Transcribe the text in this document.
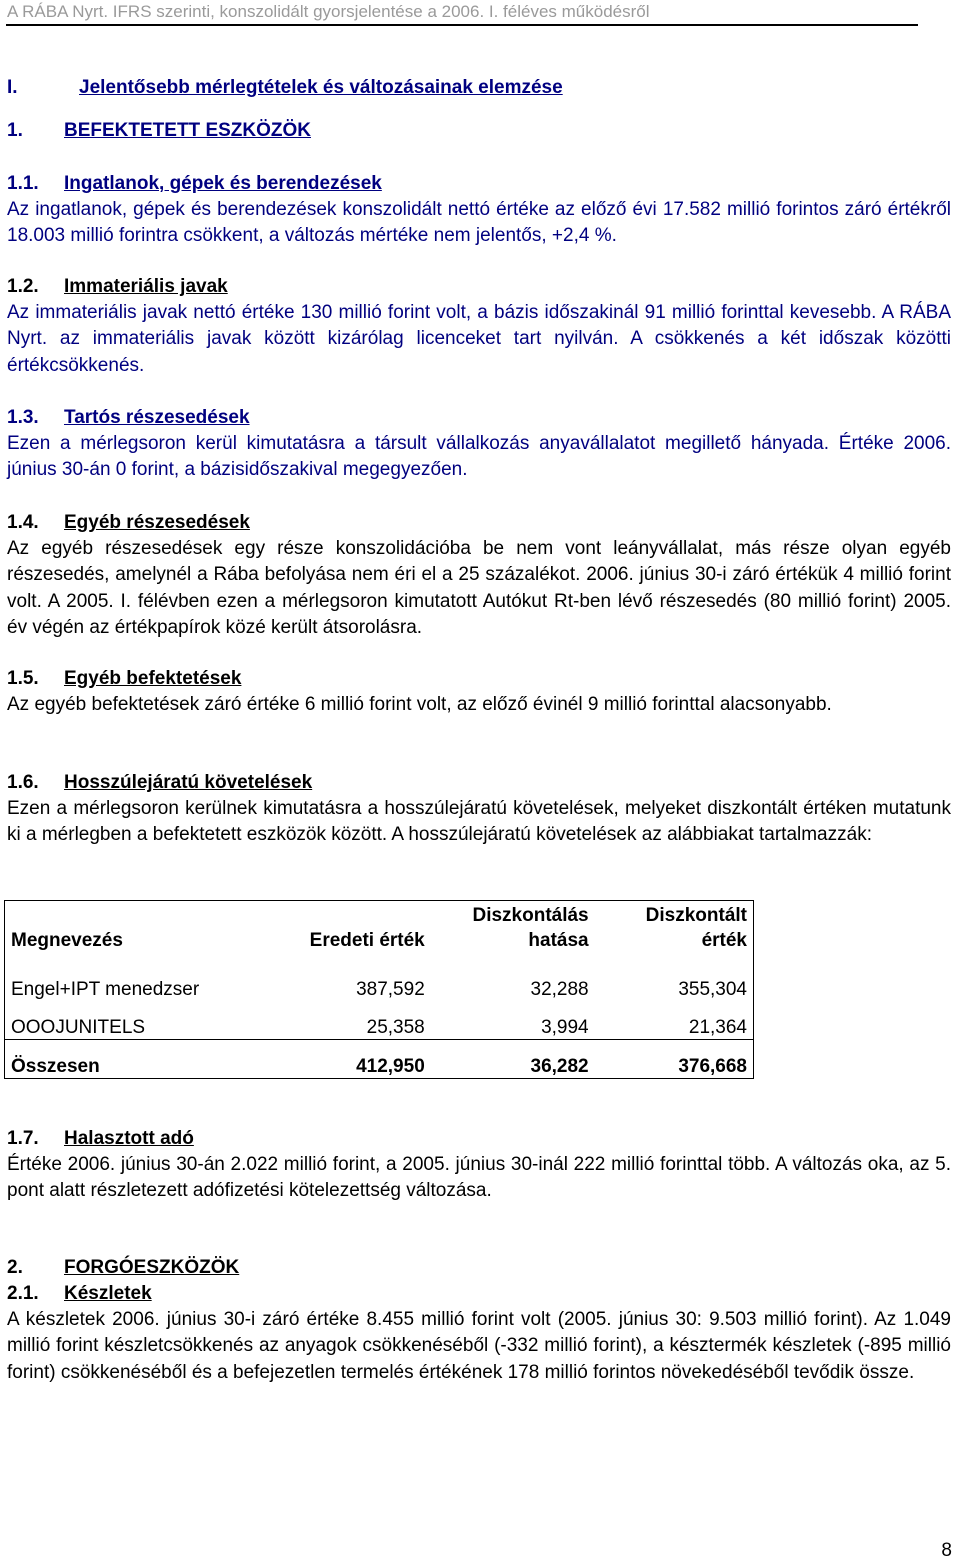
A RÁBA Nyrt. IFRS szerinti, konszolidált gyorsjelentése a 2006. I. féléves működésről
I.	Jelentősebb mérlegtételek és változásainak elemzése
1. BEFEKTETETT ESZKÖZÖK
1.1. Ingatlanok, gépek és berendezések
Az ingatlanok, gépek és berendezések konszolidált nettó értéke az előző évi 17.582 millió forintos záró értékről 18.003 millió forintra csökkent, a változás mértéke nem jelentős, +2,4 %.
1.2. Immateriális javak
Az immateriális javak nettó értéke 130 millió forint volt, a bázis időszakinál 91 millió forinttal kevesebb. A RÁBA Nyrt. az immateriális javak között kizárólag licenceket tart nyilván. A csökkenés a két időszak közötti értékcsökkenés.
1.3. Tartós részesedések
Ezen a mérlegsoron kerül kimutatásra a társult vállalkozás anyavállalatot megillető hányada. Értéke 2006. június 30-án 0 forint, a bázisidőszakival megegyezően.
1.4. Egyéb részesedések
Az egyéb részesedések egy része konszolidációba be nem vont leányvállalat, más része olyan egyéb részesedés, amelynél a Rába befolyása nem éri el a 25 százalékot. 2006. június 30-i záró értékük 4 millió forint volt. A 2005. I. félévben ezen a mérlegsoron kimutatott Autókut Rt-ben lévő részesedés (80 millió forint) 2005. év végén az értékpapírok közé került átsorolásra.
1.5. Egyéb befektetések
Az egyéb befektetések záró értéke 6 millió forint volt, az előző évinél 9 millió forinttal alacsonyabb.
1.6. Hosszúlejáratú követelések
Ezen a mérlegsoron kerülnek kimutatásra a hosszúlejáratú követelések, melyeket diszkontált értéken mutatunk ki a mérlegben a befektetett eszközök között. A hosszúlejáratú követelések az alábbiakat tartalmazzák:
1.7. Halasztott adó
Értéke 2006. június 30-án 2.022 millió forint, a 2005. június 30-inál 222 millió forinttal több. A változás oka, az 5. pont alatt részletezett adófizetési kötelezettség változása.
2. FORGÓESZKÖZÖK
2.1. Készletek
A készletek 2006. június 30-i záró értéke 8.455 millió forint volt (2005. június 30: 9.503 millió forint). Az 1.049 millió forint készletcsökkenés az anyagok csökkenéséből (-332 millió forint), a késztermék készletek (-895 millió forint) csökkenéséből és a befejezetlen termelés értékének 178 millió forintos növekedéséből tevődik össze.
Megnevezés	Eredeti érték	Diszkontálás hatása	Diszkontált érték
Engel+IPT menedzser	387,592	32,288	355,304
OOOJUNITELS	25,358	3,994	21,364
Összesen	412,950	36,282	376,668
8
